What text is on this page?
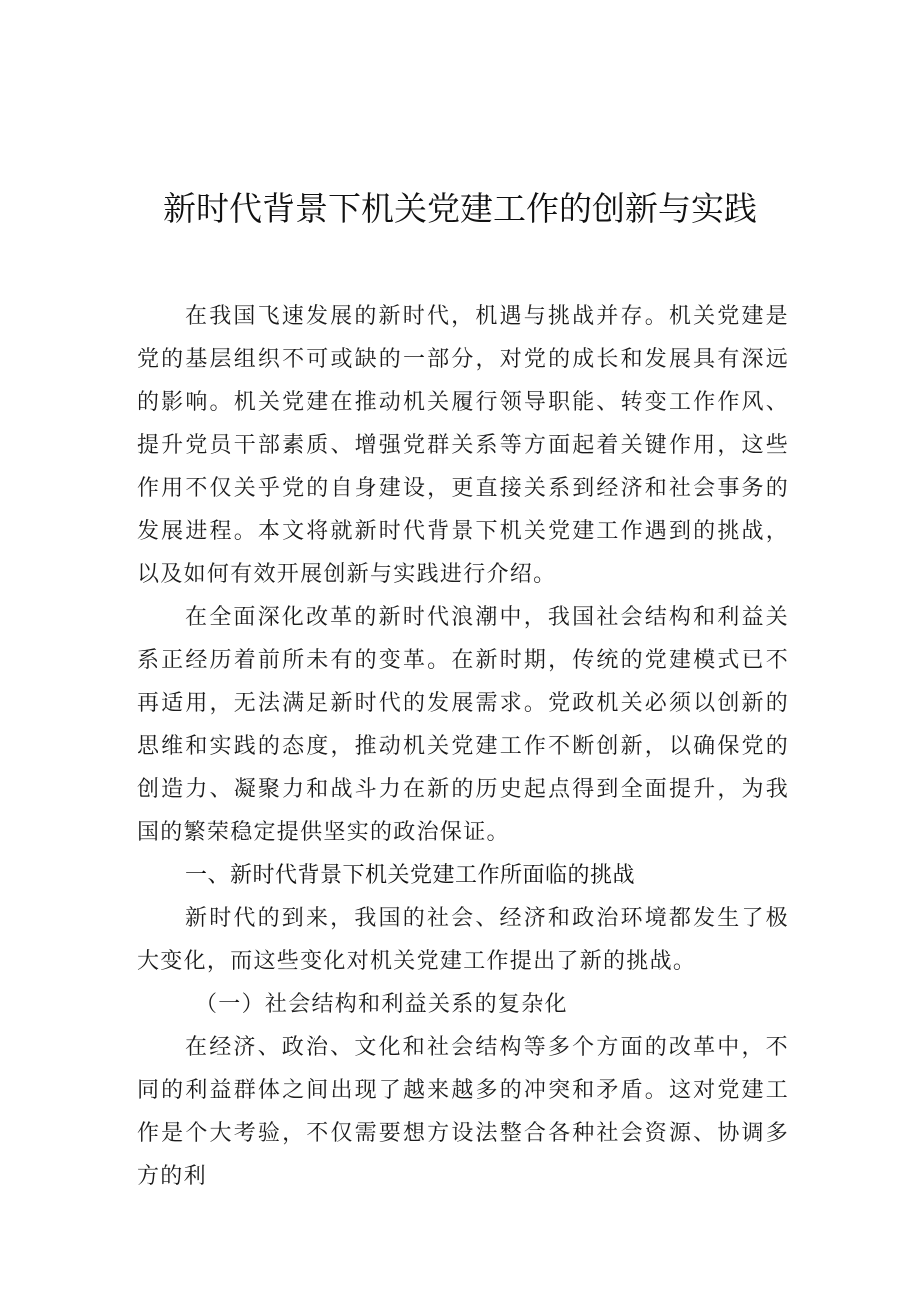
新时代背景下机关党建工作的创新与实践

在我国飞速发展的新时代，机遇与挑战并存。机关党建是党的基层组织不可或缺的一部分，对党的成长和发展具有深远的影响。机关党建在推动机关履行领导职能、转变工作作风、提升党员干部素质、增强党群关系等方面起着关键作用，这些作用不仅关乎党的自身建设，更直接关系到经济和社会事务的发展进程。本文将就新时代背景下机关党建工作遇到的挑战，以及如何有效开展创新与实践进行介绍。

在全面深化改革的新时代浪潮中，我国社会结构和利益关系正经历着前所未有的变革。在新时期，传统的党建模式已不再适用，无法满足新时代的发展需求。党政机关必须以创新的思维和实践的态度，推动机关党建工作不断创新，以确保党的创造力、凝聚力和战斗力在新的历史起点得到全面提升，为我国的繁荣稳定提供坚实的政治保证。

一、新时代背景下机关党建工作所面临的挑战

新时代的到来，我国的社会、经济和政治环境都发生了极大变化，而这些变化对机关党建工作提出了新的挑战。

（一）社会结构和利益关系的复杂化

在经济、政治、文化和社会结构等多个方面的改革中，不同的利益群体之间出现了越来越多的冲突和矛盾。这对党建工作是个大考验，不仅需要想方设法整合各种社会资源、协调多方的利
